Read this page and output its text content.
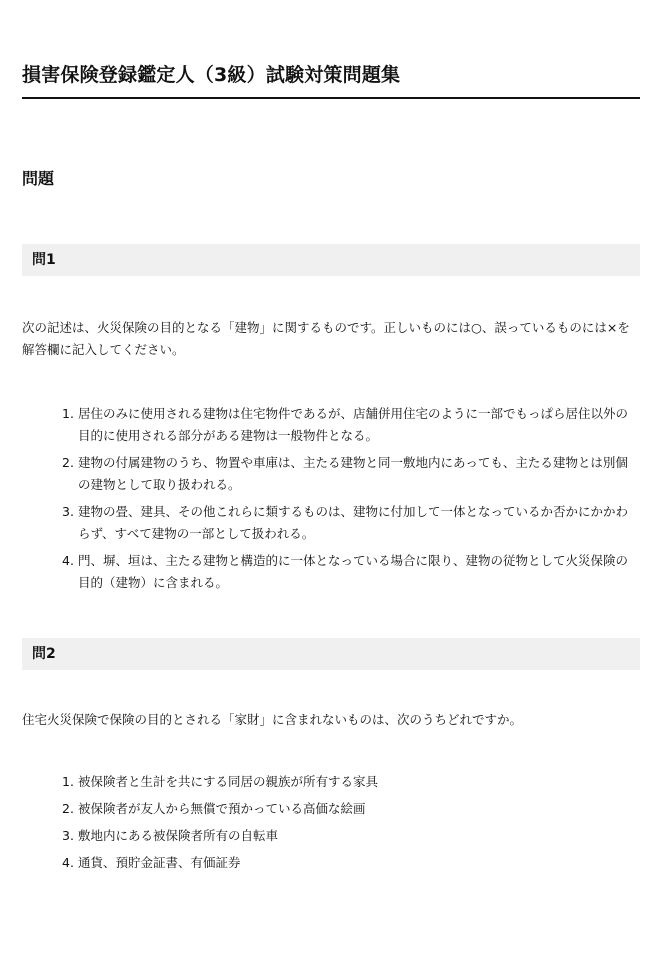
損害保険登録鑑定人（3級）試験対策問題集
問題
問1

次の記述は、火災保険の目的となる「建物」に関するものです。正しいものには○、誤っているものには×を解答欄に記入してください。

1. 居住のみに使用される建物は住宅物件であるが、店舗併用住宅のように一部でもっぱら居住以外の目的に使用される部分がある建物は一般物件となる。
2. 建物の付属建物のうち、物置や車庫は、主たる建物と同一敷地内にあっても、主たる建物とは別個の建物として取り扱われる。
3. 建物の畳、建具、その他これらに類するものは、建物に付加して一体となっているか否かにかかわらず、すべて建物の一部として扱われる。
4. 門、塀、垣は、主たる建物と構造的に一体となっている場合に限り、建物の従物として火災保険の目的（建物）に含まれる。
問2

住宅火災保険で保険の目的とされる「家財」に含まれないものは、次のうちどれですか。

1. 被保険者と生計を共にする同居の親族が所有する家具
2. 被保険者が友人から無償で預かっている高価な絵画
3. 敷地内にある被保険者所有の自転車
4. 通貨、預貯金証書、有価証券
